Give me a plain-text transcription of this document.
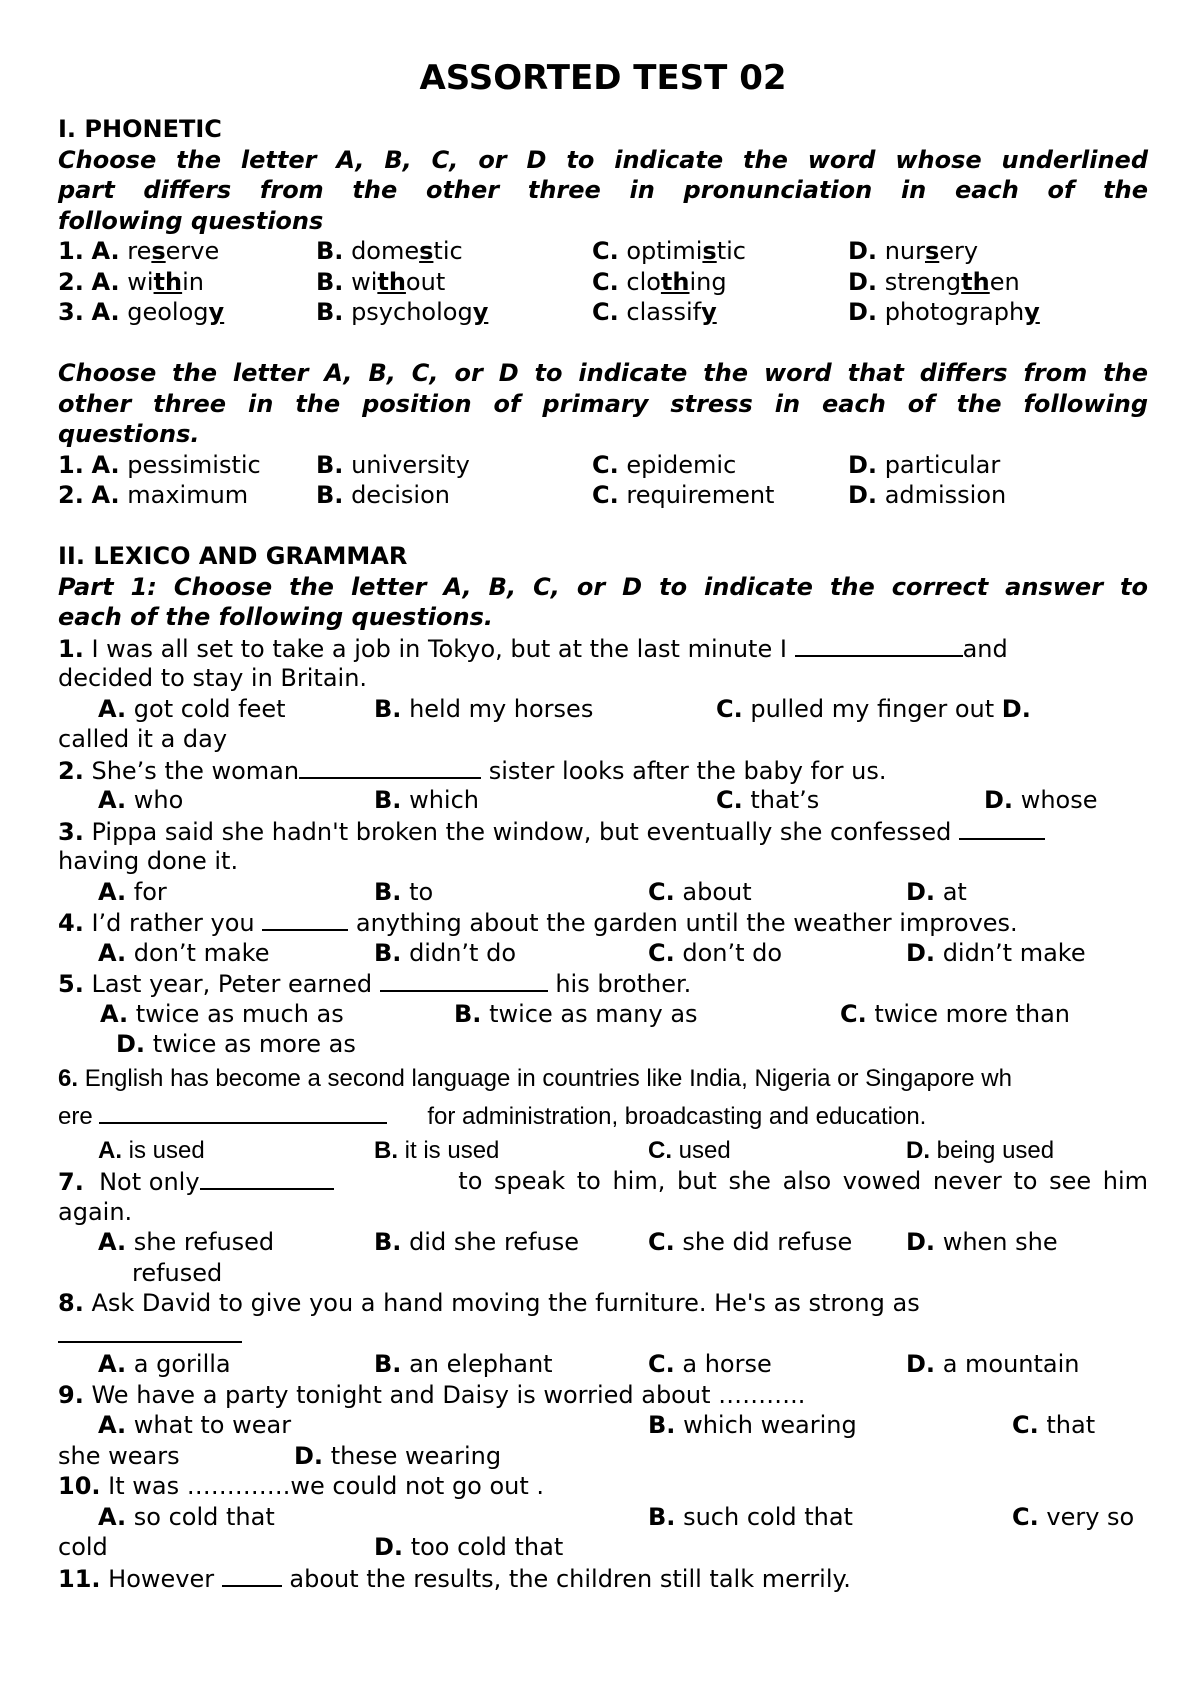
ASSORTED TEST 02
I. PHONETIC
Choose the letter A, B, C, or D to indicate the word whose underlined
part differs from the other three in pronunciation in each of the
following questions
1. A. reserve	B. domestic	C. optimistic	D. nursery
2. A. within	B. without	C. clothing	D. strengthen
3. A. geology	B. psychology	C. classify	D. photography
Choose the letter A, B, C, or D to indicate the word that differs from the
other three in the position of primary stress in each of the following
questions.
1. A. pessimistic B. university	C. epidemic	D. particular
2. A. maximum	B. decision	C. requirement	D. admission
II. LEXICO AND GRAMMAR
Part 1: Choose the letter A, B, C, or D to indicate the correct answer to
each of the following questions.
1. I was all set to take a job in Tokyo, but at the last minute I	and
decided to stay in Britain.
A. got cold feet	B. held my horses	C. pulled my finger out D.
called it a day
2. She’s the woman	sister looks after the baby for us.
A. who	B. which	C. that’s	D. whose
3. Pippa said she hadn't broken the window, but eventually she confessed
having done it.
A. for	B. to	C. about	D. at
4. I’d rather you	anything about the garden until the weather improves.
A. don’t make	B. didn’t do	C. don’t do	D. didn’t make
5. Last year, Peter earned	his brother.
A. twice as much as	B. twice as many as	C. twice more than
D. twice as more as
6. English has become a second language in countries like India, Nigeria or Singapore wh
ere	for administration, broadcasting and education.
A. is used	B. it is used	C. used	D. being used
7. Not only	to speak to him, but she also vowed never to see him
again.
A. she refused	B. did she refuse	C. she did refuse D. when she
refused
8. Ask David to give you a hand moving the furniture. He's as strong as
A. a gorilla	B. an elephant	C. a horse	D. a mountain
9. We have a party tonight and Daisy is worried about ………..
A. what to wear	B. which wearing	C. that
she wears	D. these wearing
10. It was ………….we could not go out .
A. so cold that	B. such cold that	C. very so
cold	D. too cold that
11. However	about the results, the children still talk merrily.
